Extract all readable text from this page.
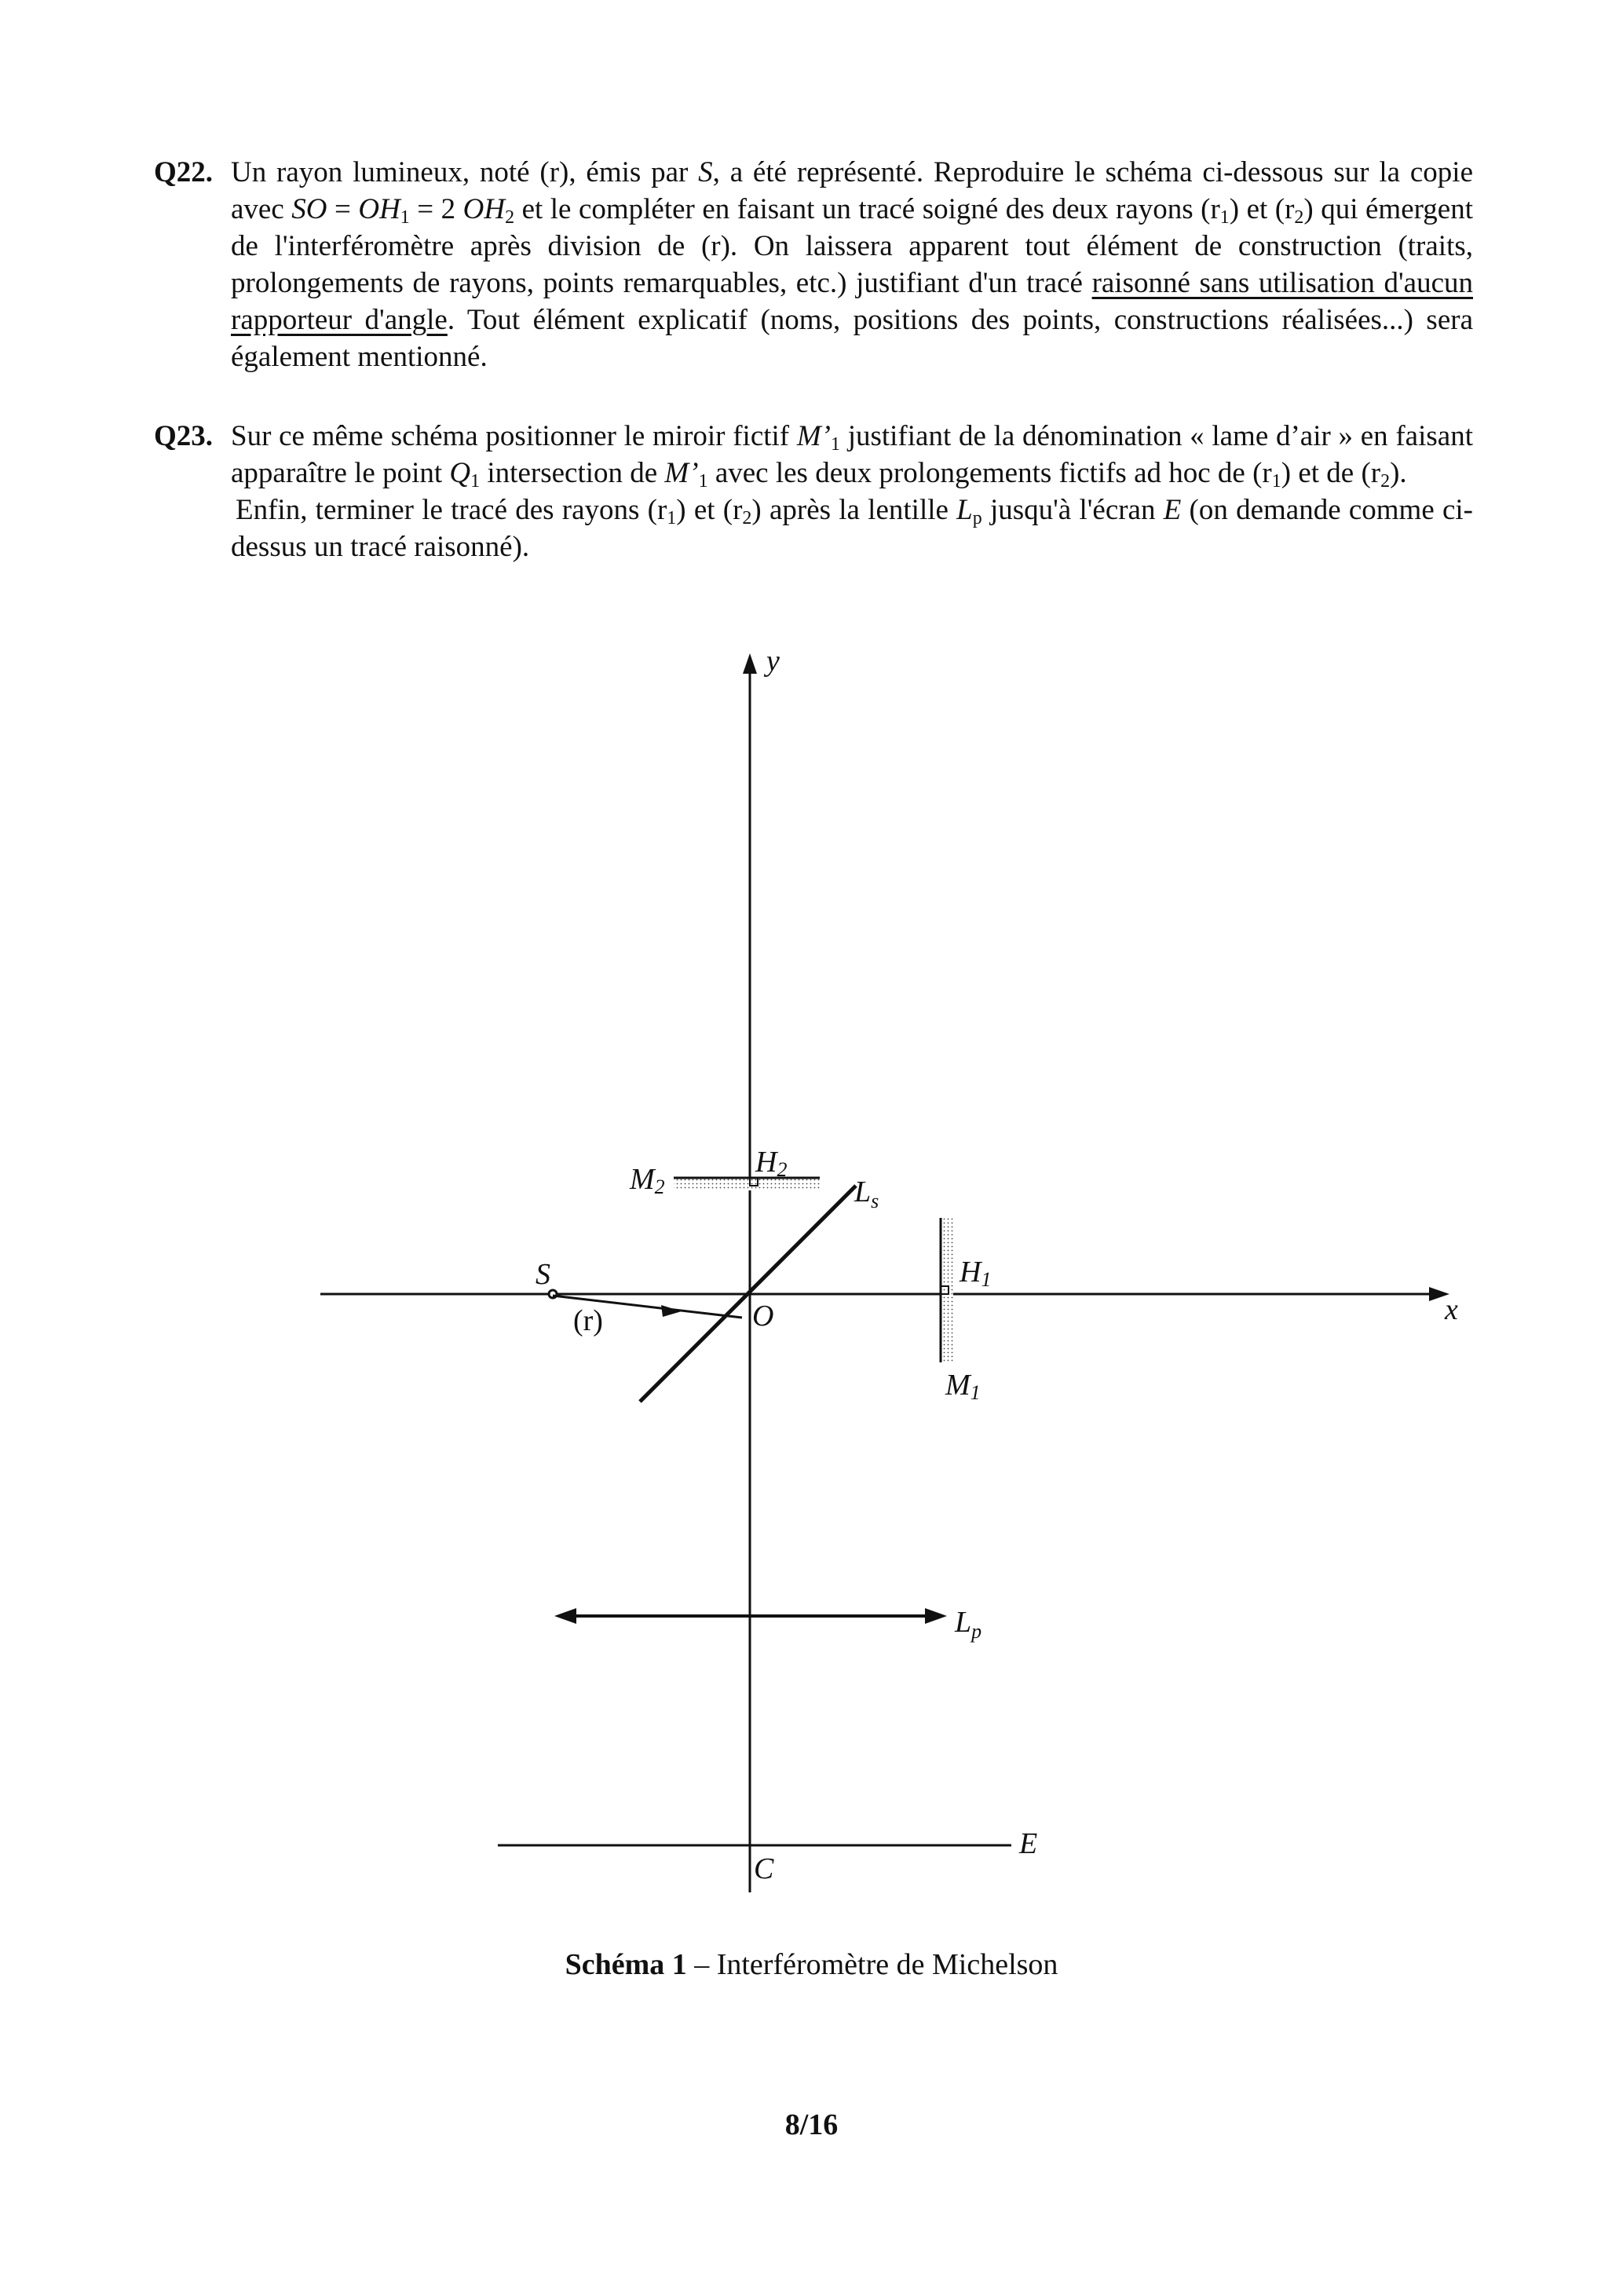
Q22. Un rayon lumineux, noté (r), émis par S, a été représenté. Reproduire le schéma ci-dessous sur la copie avec SO = $OH_1 = 2$ $OH_2$ et le compléter en faisant un tracé soigné des deux rayons $(r_1)$ et $(r_2)$ qui émergent de l'interféromètre après division de (r). On laissera apparent tout élément de construction (traits, prolongements de rayons, points remarquables, etc.) justifiant d'un tracé raisonné sans utilisation d'aucun rapporteur d'angle. Tout élément explicatif (noms, positions des points, constructions réalisées...) sera également mentionné.

Q23. Sur ce même schéma positionner le miroir fictif $M’_1$ justifiant de la dénomination « lame d’air » en faisant apparaître le point $Q_1$ intersection de $M’_1$ avec les deux prolongements fictifs ad hoc de $(r_1)$ et de $(r_2)$.

Enfin, terminer le tracé des rayons $(r_1)$ et $(r_2)$ après la lentille $L_p$ jusqu'à l'écran E (on demande comme ci-dessus un tracé raisonné).

y
x
S
(r)	O
$L_s$
M2
H2
H1
M1
$L_p$
E
C
Schéma 1 – Interféromètre de Michelson
8/16
